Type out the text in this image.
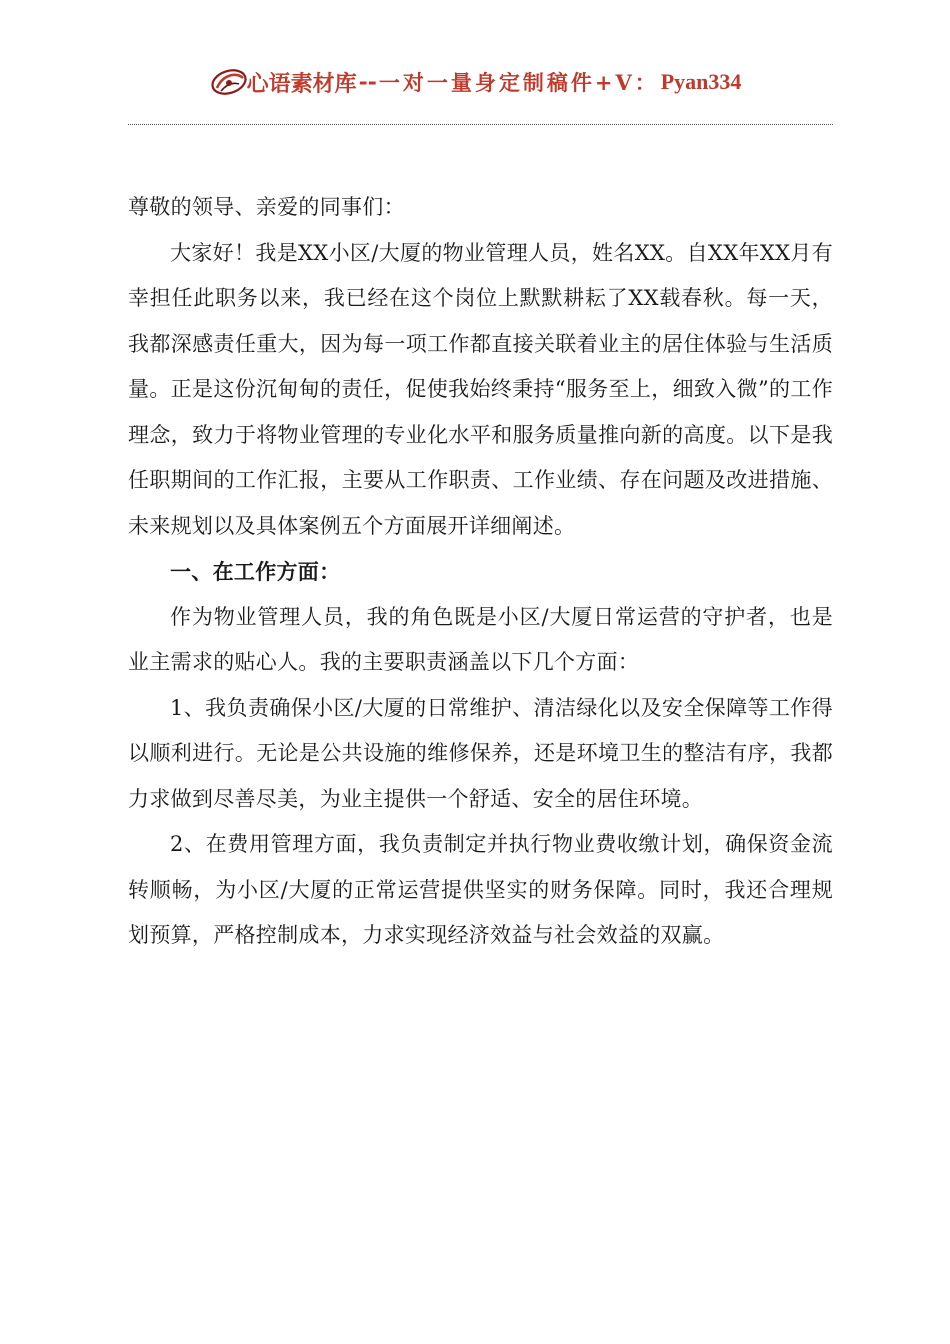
心语素材库 -- 一对一量身定制稿件+V： Pyan334

尊敬的领导、亲爱的同事们：

大家好！我是XX小区/大厦的物业管理人员，姓名XX。自XX年XX月有幸担任此职务以来，我已经在这个岗位上默默耕耘了XX载春秋。每一天，我都深感责任重大，因为每一项工作都直接关联着业主的居住体验与生活质量。正是这份沉甸甸的责任，促使我始终秉持“服务至上，细致入微”的工作理念，致力于将物业管理的专业化水平和服务质量推向新的高度。以下是我任职期间的工作汇报，主要从工作职责、工作业绩、存在问题及改进措施、未来规划以及具体案例五个方面展开详细阐述。

一、在工作方面：

作为物业管理人员，我的角色既是小区/大厦日常运营的守护者，也是业主需求的贴心人。我的主要职责涵盖以下几个方面：

1、我负责确保小区/大厦的日常维护、清洁绿化以及安全保障等工作得以顺利进行。无论是公共设施的维修保养，还是环境卫生的整洁有序，我都力求做到尽善尽美，为业主提供一个舒适、安全的居住环境。

2、在费用管理方面，我负责制定并执行物业费收缴计划，确保资金流转顺畅，为小区/大厦的正常运营提供坚实的财务保障。同时，我还合理规划预算，严格控制成本，力求实现经济效益与社会效益的双赢。
